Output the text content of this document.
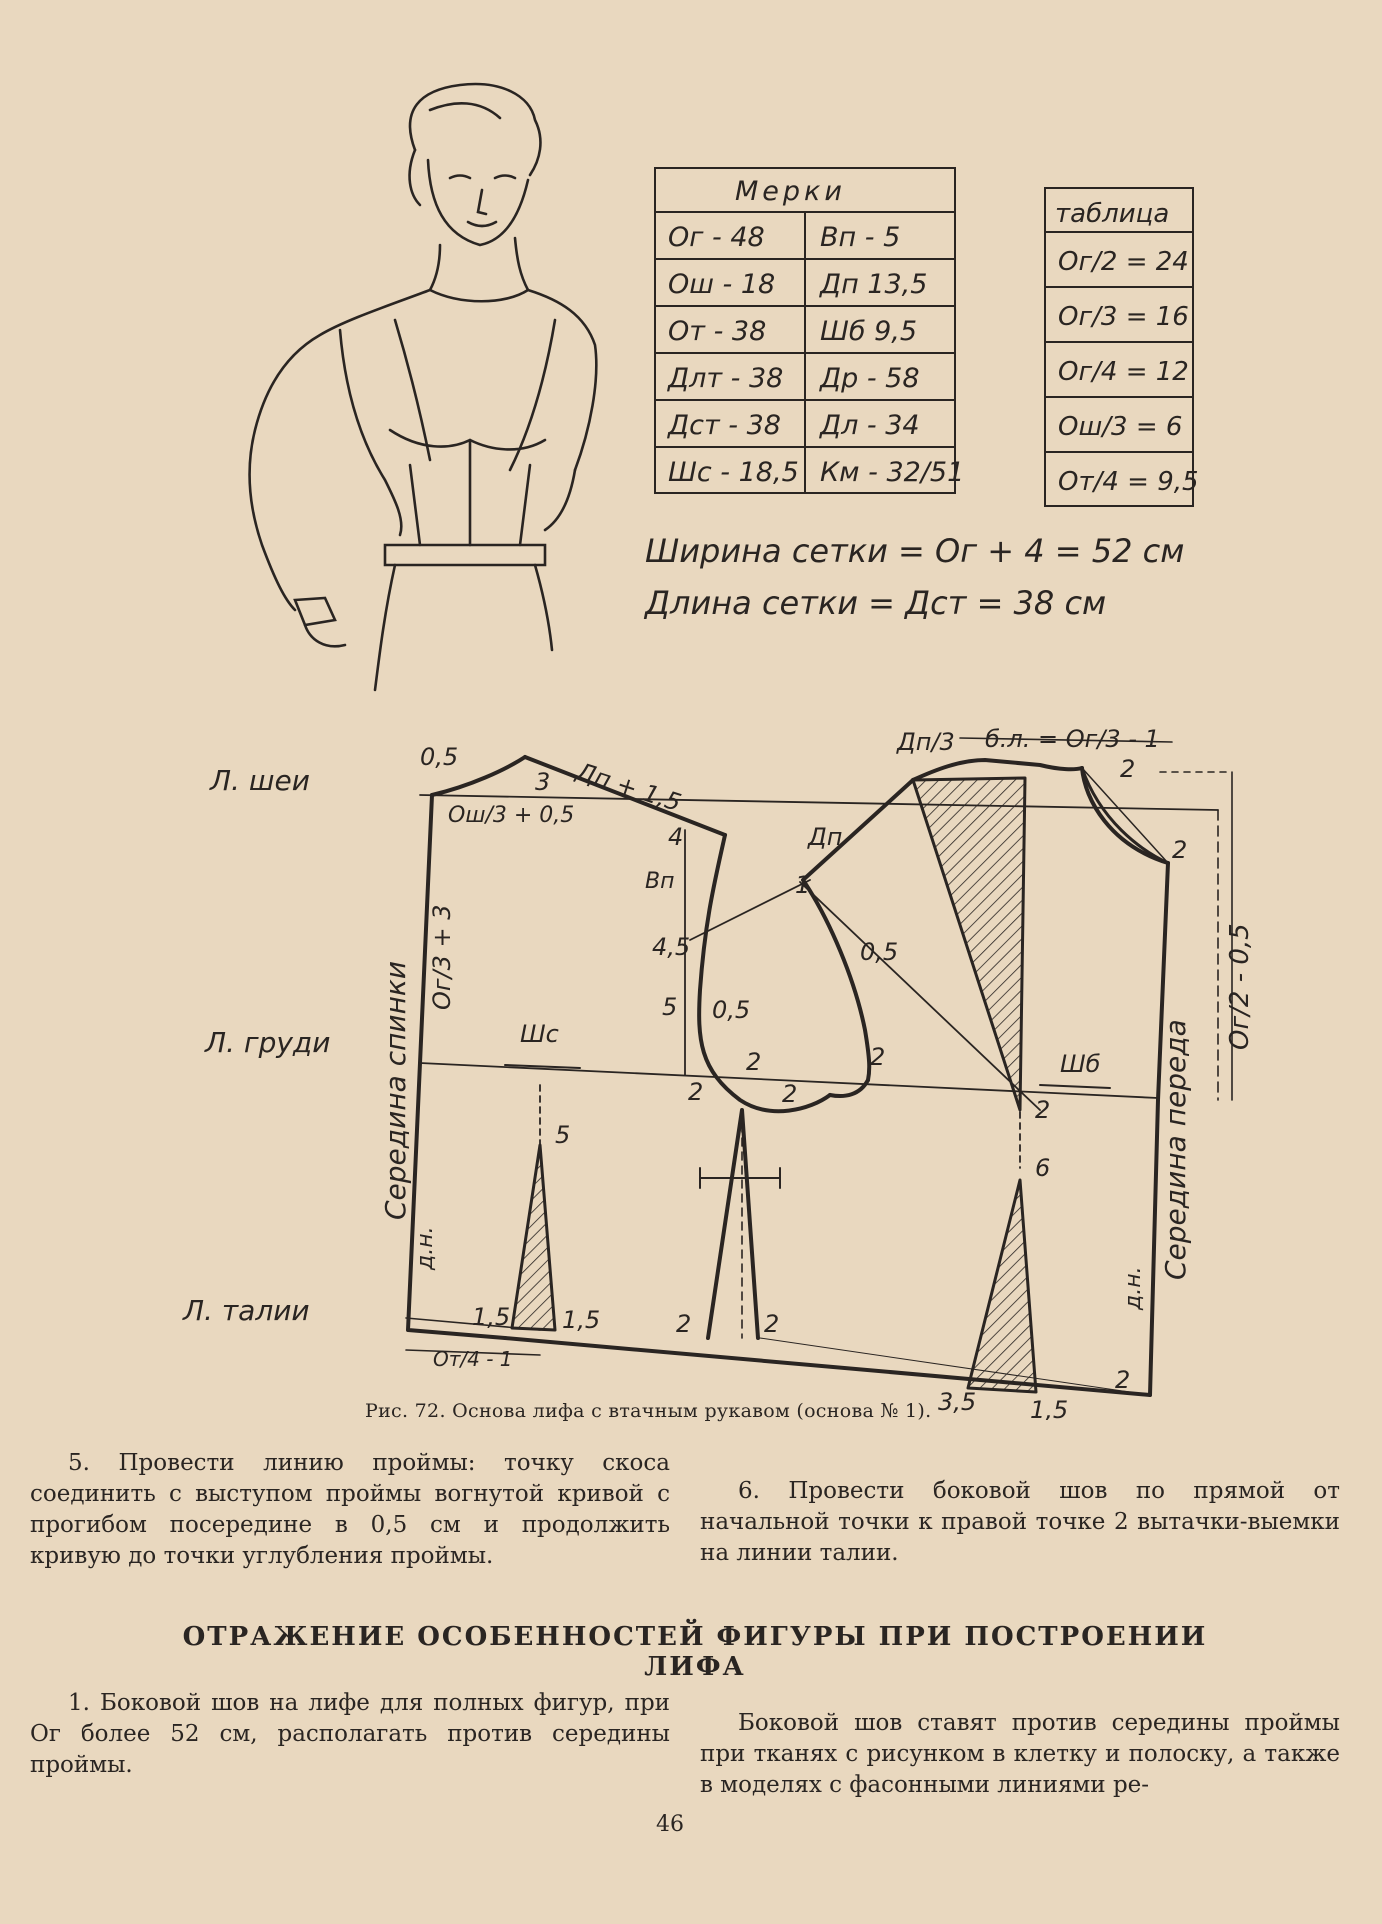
Мерки
Ог - 48 Вп - 5
Ош - 18 Дп 13,5
От - 38 Шб 9,5
Длт - 38 Др - 58
Дст - 38 Дл - 34
Шс - 18,5 Км - 32/51
таблица
Ог/2 = 24
Ог/3 = 16
Ог/4 = 12
Ош/3 = 6
От/4 = 9,5
Ширина сетки = Ог + 4 = 52 см
Длина сетки = Дст = 38 см
Л. шеи
Л. груди
Л. талии
Середина спинки	Середина переда
Ог/3 + 3	Ог/2 - 0,5
Ош/3 + 0,5
Дп + 1,5
Дп/3 б.л. = Ог/3 - 1
Дп
Вп
Шс
Шб
От/4 - 1
д.н.
д.н.
0,5
3
4
4,5
5 0,5
1
0,5
2	2
2	2
2
2
2
5
6
1,5 1,5	2	2
3,5 1,5
2
Рис. 72. Основа лифа с втачным рукавом (основа № 1).

5. Провести линию проймы: точку скоса соединить с выступом проймы вогнутой кривой с прогибом посередине в 0,5 см и продолжить кривую до точки углубления проймы.

6. Провести боковой шов по прямой от начальной точки к правой точке 2 вытачки-выемки на линии талии.

ОТРАЖЕНИЕ ОСОБЕННОСТЕЙ ФИГУРЫ ПРИ ПОСТРОЕНИИ ЛИФА

1. Боковой шов на лифе для полных фигур, при Ог более 52 см, располагать против середины проймы.

Боковой шов ставят против середины проймы при тканях с рисунком в клетку и полоску, а также в моделях с фасонными линиями ре-

46
